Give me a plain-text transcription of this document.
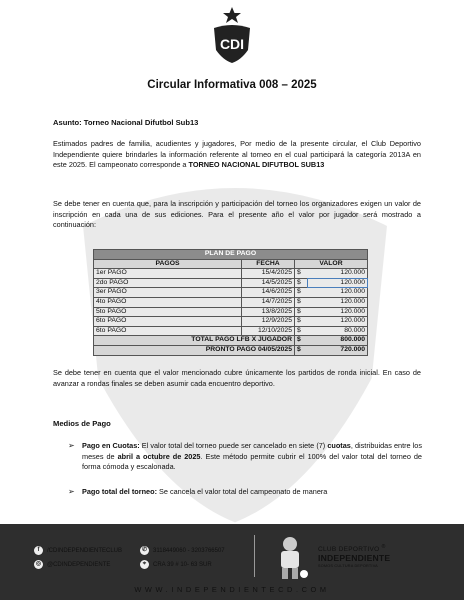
CDI
Circular Informativa 008 – 2025
Asunto: Torneo Nacional Difutbol Sub13
Estimados padres de familia, acudientes y jugadores, Por medio de la presente circular, el Club Deportivo Independiente quiere brindarles la información referente al torneo en el cual participará la categoría 2013A en este 2025. El campeonato corresponde a TORNEO NACIONAL DIFUTBOL SUB13
Se debe tener en cuenta que, para la inscripción y participación del torneo los organizadores exigen un valor de inscripción en cada una de sus ediciones. Para el presente año el valor por jugador será mostrado a continuación:
PLAN DE PAGO			
PAGOS	FECHA	VALOR	
1er PAGO	15/4/2025	$	120.000
2do PAGO	14/5/2025	$	120.000
3er PAGO	14/6/2025	$	120.000
4to PAGO	14/7/2025	$	120.000
5to PAGO	13/8/2025	$	120.000
6to PAGO	12/9/2025	$	120.000
6to PAGO	12/10/2025	$	80.000
TOTAL PAGO LFB X JUGADOR		$	800.000
PRONTO PAGO 04/05/2025		$	720.000
Se debe tener en cuenta que el valor mencionado cubre únicamente los partidos de ronda inicial. En caso de avanzar a rondas finales se deben asumir cada encuentro deportivo.
Medios de Pago
➢ Pago en Cuotas: El valor total del torneo puede ser cancelado en siete (7) cuotas, distribuidas entre los meses de abril a octubre de 2025. Este método permite cubrir el 100% del valor total del torneo de forma cómoda y escalonada.
➢ Pago total del torneo: Se cancela el valor total del campeonato de manera
f	/CDINDEPENDIENTECLUB
◎ @CDINDEPENDIENTE
✆ 3118449060 - 3203766507
⌖	CRA 39 # 10- 63 SUR
CLUB DEPORTIVO ®
INDEPENDIENTE
SOMOS CULTURA DEPORTIVA
WWW.INDEPENDIENTECD.COM
